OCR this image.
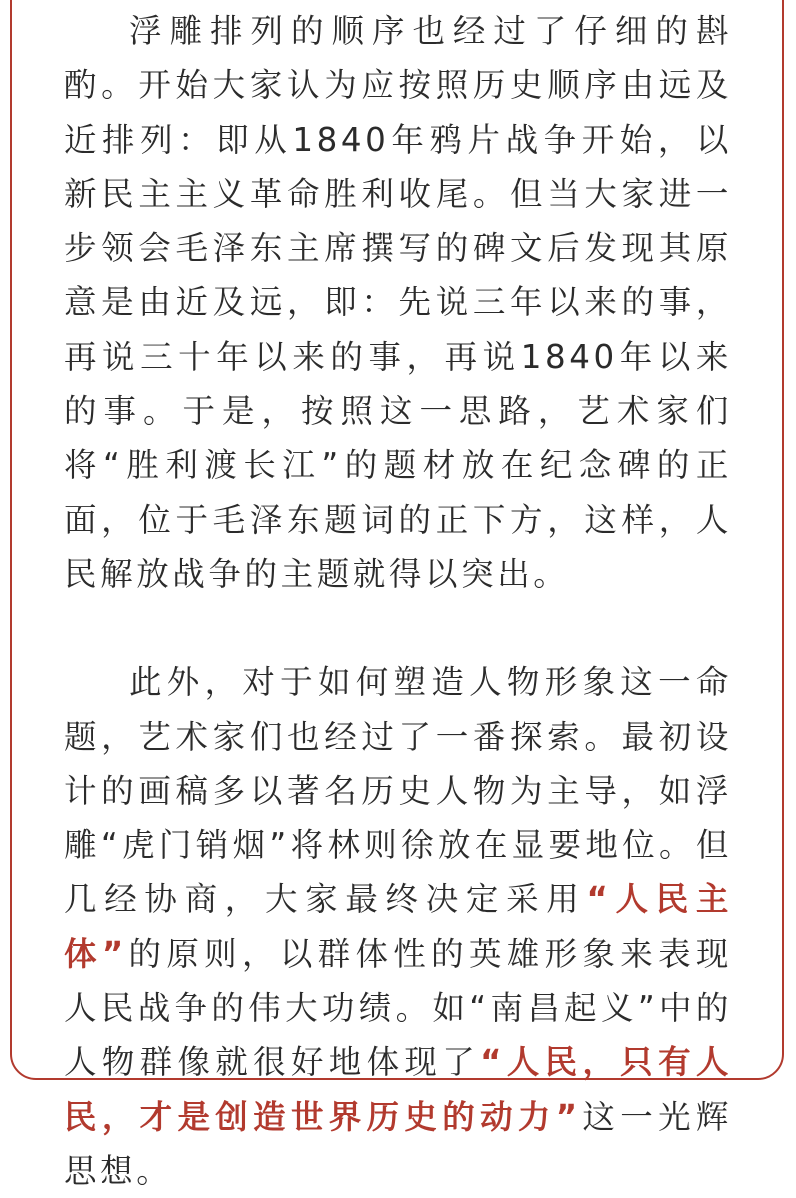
浮雕排列的顺序也经过了仔细的斟酌。开始大家认为应按照历史顺序由远及近排列：即从1840年鸦片战争开始，以新民主主义革命胜利收尾。但当大家进一步领会毛泽东主席撰写的碑文后发现其原意是由近及远，即：先说三年以来的事，再说三十年以来的事，再说1840年以来的事。于是，按照这一思路，艺术家们将“胜利渡长江”的题材放在纪念碑的正面，位于毛泽东题词的正下方，这样，人民解放战争的主题就得以突出。

此外，对于如何塑造人物形象这一命题，艺术家们也经过了一番探索。最初设计的画稿多以著名历史人物为主导，如浮雕“虎门销烟”将林则徐放在显要地位。但几经协商，大家最终决定采用“人民主体”的原则，以群体性的英雄形象来表现人民战争的伟大功绩。如“南昌起义”中的人物群像就很好地体现了“人民，只有人民，才是创造世界历史的动力”这一光辉思想。
